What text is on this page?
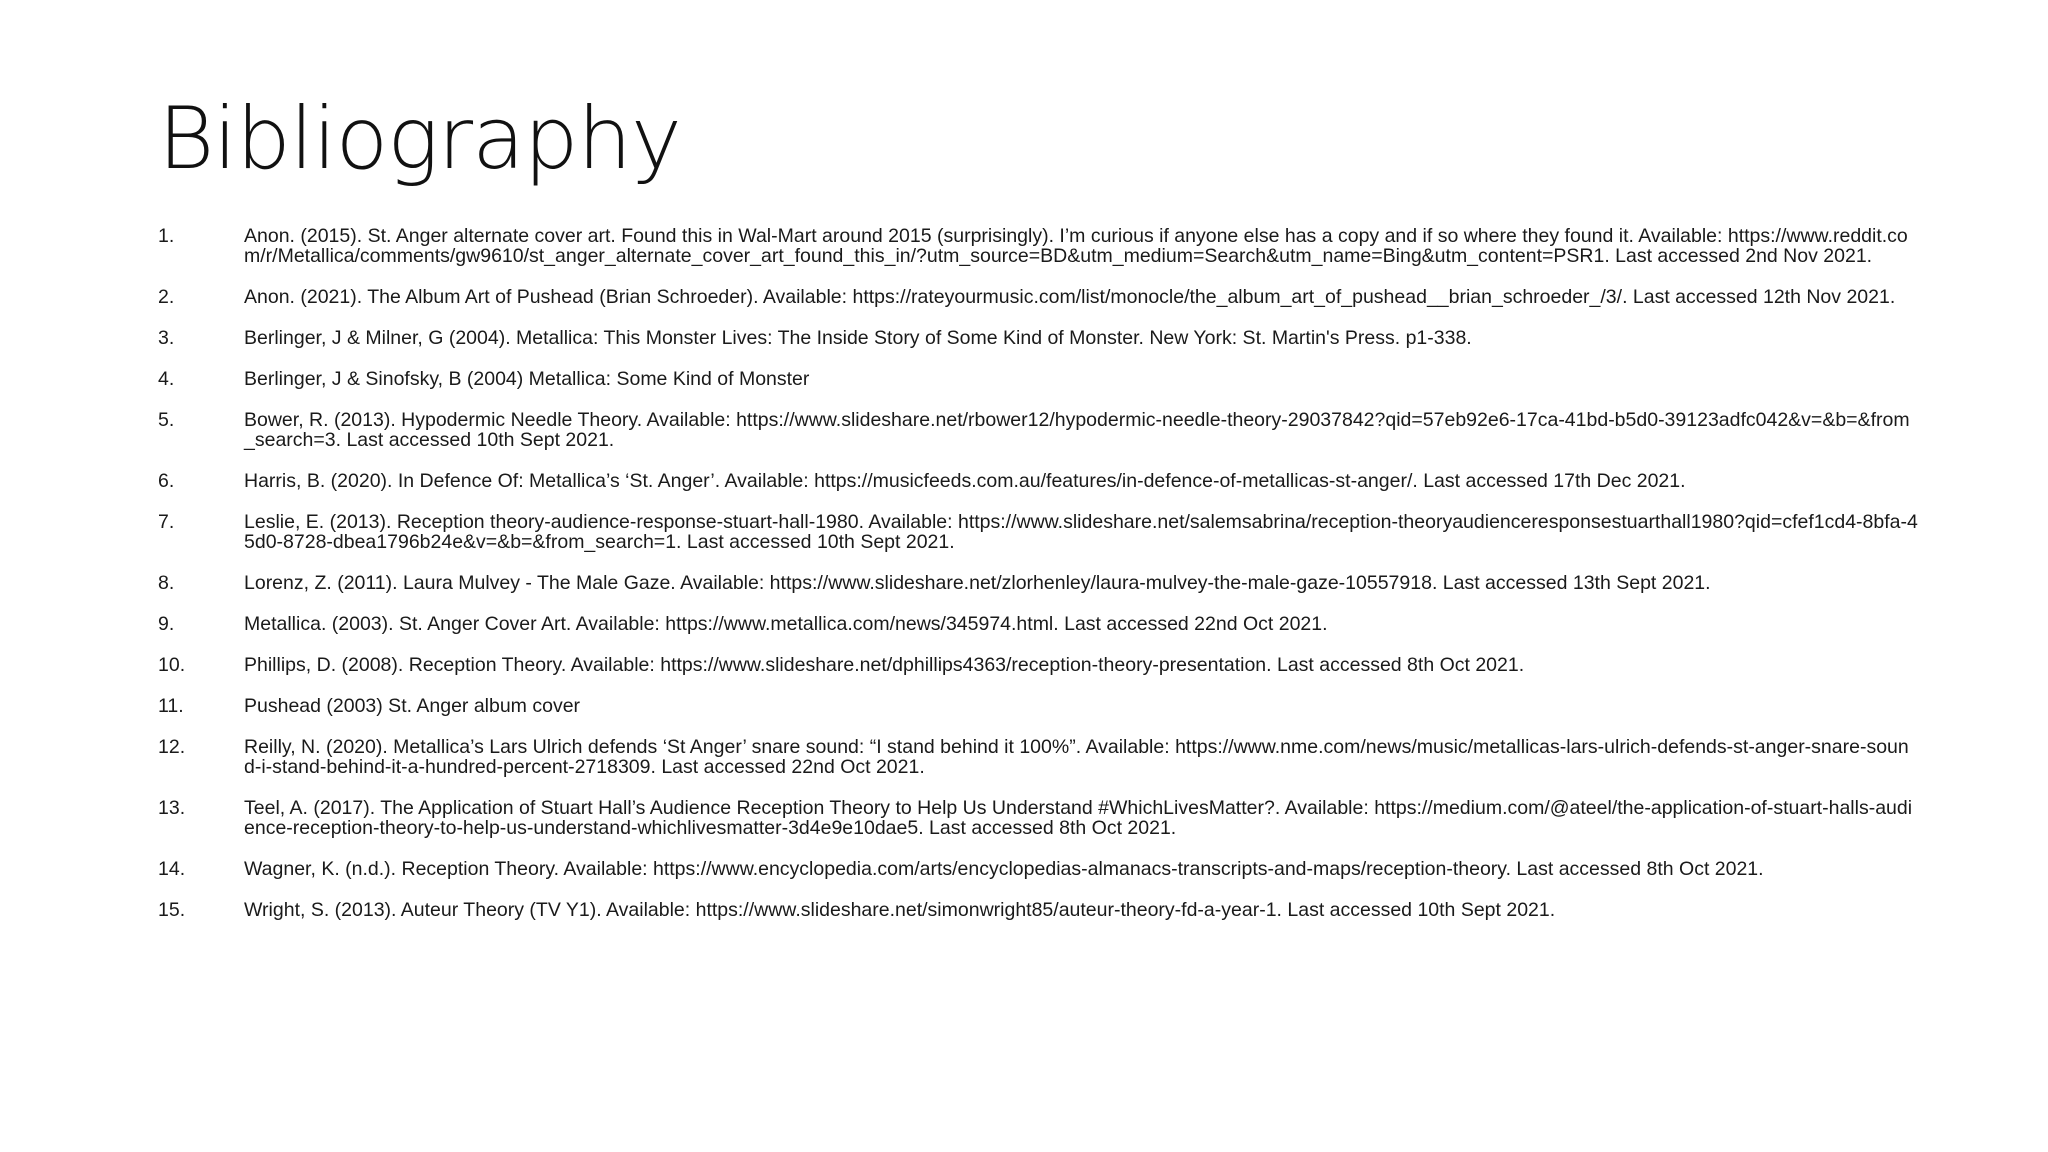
Bibliography
1.	Anon. (2015). St. Anger alternate cover art. Found this in Wal-Mart around 2015 (surprisingly). I’m curious if anyone else has a copy and if so where they found it. Available: https://www.reddit.com/r/Metallica/comments/gw9610/st_anger_alternate_cover_art_found_this_in/?utm_source=BD&utm_medium=Search&utm_name=Bing&utm_content=PSR1. Last accessed 2nd Nov 2021.
2.	Anon. (2021). The Album Art of Pushead (Brian Schroeder). Available: https://rateyourmusic.com/list/monocle/the_album_art_of_pushead__brian_schroeder_/3/. Last accessed 12th Nov 2021.
3.	Berlinger, J & Milner, G (2004). Metallica: This Monster Lives: The Inside Story of Some Kind of Monster. New York: St. Martin's Press. p1-338.
4.	Berlinger, J & Sinofsky, B (2004) Metallica: Some Kind of Monster
5.	Bower, R. (2013). Hypodermic Needle Theory. Available: https://www.slideshare.net/rbower12/hypodermic-needle-theory-29037842?qid=57eb92e6-17ca-41bd-b5d0-39123adfc042&v=&b=&from_search=3. Last accessed 10th Sept 2021.
6.	Harris, B. (2020). In Defence Of: Metallica’s ‘St. Anger’. Available: https://musicfeeds.com.au/features/in-defence-of-metallicas-st-anger/. Last accessed 17th Dec 2021.
7.	Leslie, E. (2013). Reception theory-audience-response-stuart-hall-1980. Available: https://www.slideshare.net/salemsabrina/reception-theoryaudienceresponsestuarthall1980?qid=cfef1cd4-8bfa-45d0-8728-dbea1796b24e&v=&b=&from_search=1. Last accessed 10th Sept 2021.
8.	Lorenz, Z. (2011). Laura Mulvey - The Male Gaze. Available: https://www.slideshare.net/zlorhenley/laura-mulvey-the-male-gaze-10557918. Last accessed 13th Sept 2021.
9.	Metallica. (2003). St. Anger Cover Art. Available: https://www.metallica.com/news/345974.html. Last accessed 22nd Oct 2021.
10.	Phillips, D. (2008). Reception Theory. Available: https://www.slideshare.net/dphillips4363/reception-theory-presentation. Last accessed 8th Oct 2021.
11.	Pushead (2003) St. Anger album cover
12.	Reilly, N. (2020). Metallica’s Lars Ulrich defends ‘St Anger’ snare sound: “I stand behind it 100%”. Available: https://www.nme.com/news/music/metallicas-lars-ulrich-defends-st-anger-snare-sound-i-stand-behind-it-a-hundred-percent-2718309. Last accessed 22nd Oct 2021.
13.	Teel, A. (2017). The Application of Stuart Hall’s Audience Reception Theory to Help Us Understand #WhichLivesMatter?. Available: https://medium.com/@ateel/the-application-of-stuart-halls-audience-reception-theory-to-help-us-understand-whichlivesmatter-3d4e9e10dae5. Last accessed 8th Oct 2021.
14.	Wagner, K. (n.d.). Reception Theory. Available: https://www.encyclopedia.com/arts/encyclopedias-almanacs-transcripts-and-maps/reception-theory. Last accessed 8th Oct 2021.
15.	Wright, S. (2013). Auteur Theory (TV Y1). Available: https://www.slideshare.net/simonwright85/auteur-theory-fd-a-year-1. Last accessed 10th Sept 2021.
